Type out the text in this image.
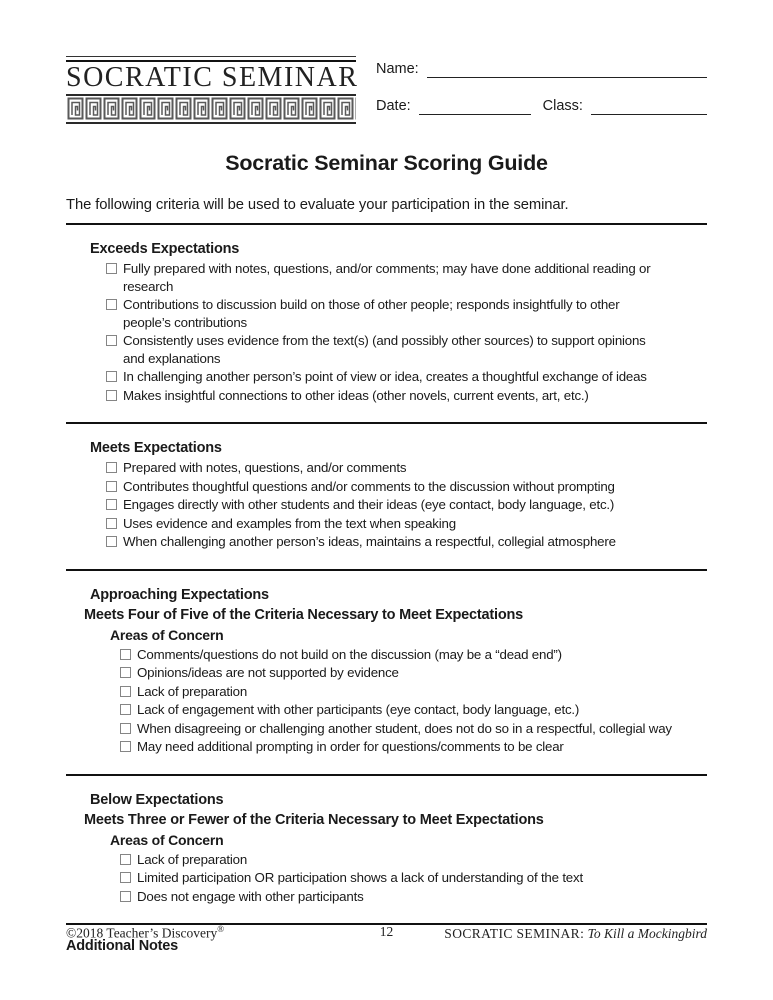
SOCRATIC SEMINAR Name:
Date:	Class:
Socratic Seminar Scoring Guide
The following criteria will be used to evaluate your participation in the seminar.
Exceeds Expectations
Fully prepared with notes, questions, and/or comments; may have done additional reading or research
Contributions to discussion build on those of other people; responds insightfully to other people’s contributions
Consistently uses evidence from the text(s) (and possibly other sources) to support opinions and explanations
In challenging another person’s point of view or idea, creates a thoughtful exchange of ideas
Makes insightful connections to other ideas (other novels, current events, art, etc.)
Meets Expectations
Prepared with notes, questions, and/or comments
Contributes thoughtful questions and/or comments to the discussion without prompting
Engages directly with other students and their ideas (eye contact, body language, etc.)
Uses evidence and examples from the text when speaking
When challenging another person’s ideas, maintains a respectful, collegial atmosphere
Approaching Expectations
Meets Four of Five of the Criteria Necessary to Meet Expectations
Areas of Concern
Comments/questions do not build on the discussion (may be a “dead end”)
Opinions/ideas are not supported by evidence
Lack of preparation
Lack of engagement with other participants (eye contact, body language, etc.)
When disagreeing or challenging another student, does not do so in a respectful, collegial way
May need additional prompting in order for questions/comments to be clear
Below Expectations
Meets Three or Fewer of the Criteria Necessary to Meet Expectations
Areas of Concern
Lack of preparation
Limited participation OR participation shows a lack of understanding of the text
Does not engage with other participants
Additional Notes
©2018 Teacher’s Discovery®	12	SOCRATIC SEMINAR: To Kill a Mockingbird
